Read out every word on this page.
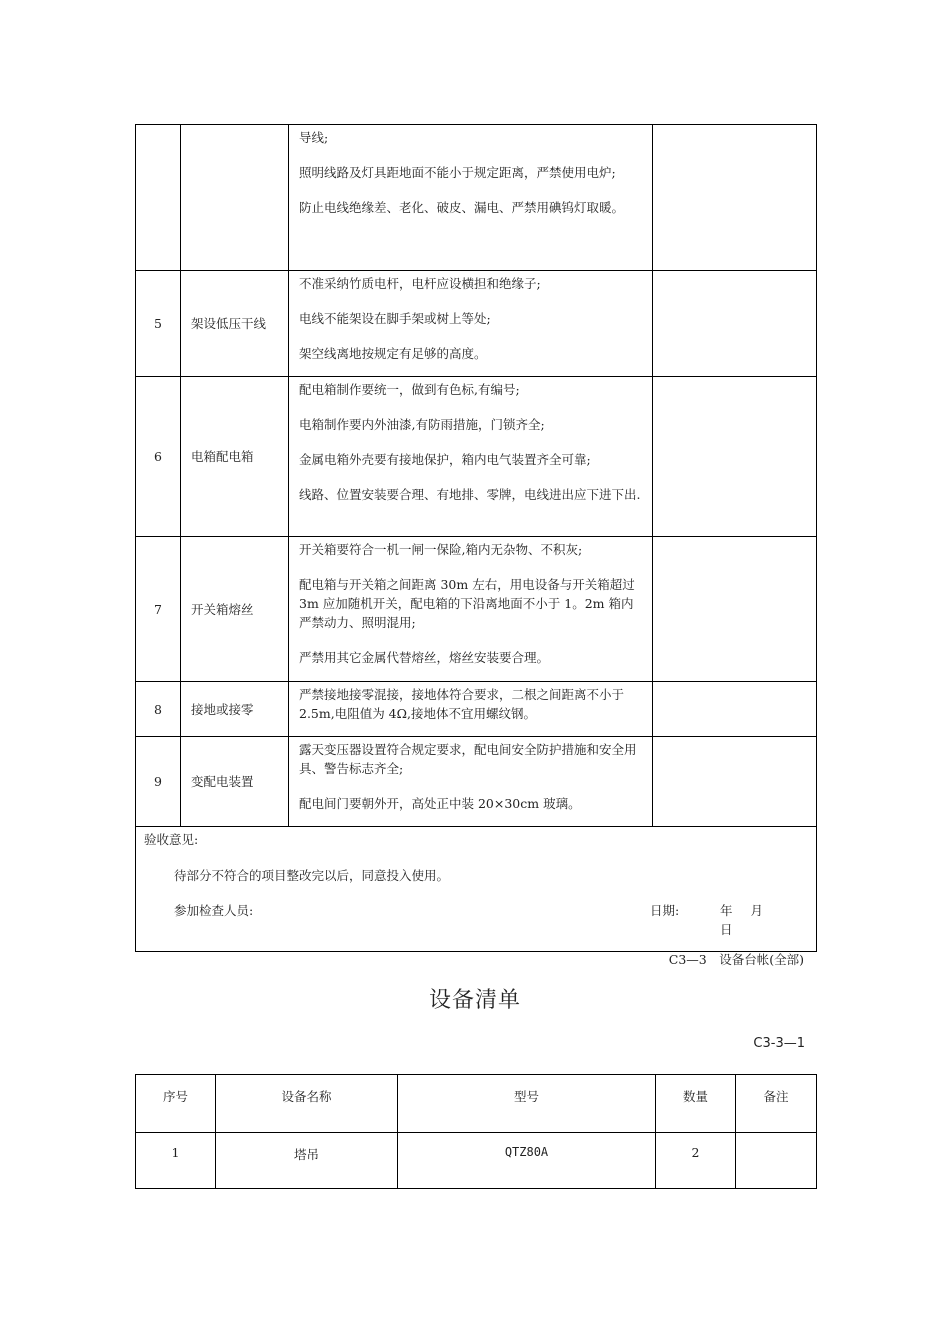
		导线;

照明线路及灯具距地面不能小于规定距离，严禁使用电炉;

防止电线绝缘差、老化、破皮、漏电、严禁用碘钨灯取暖。	

5	架设低压干线	不准采纳竹质电杆，电杆应设横担和绝缘子;

电线不能架设在脚手架或树上等处;

架空线离地按规定有足够的高度。	

6	电箱配电箱	配电箱制作要统一，做到有色标,有编号;

电箱制作要内外油漆,有防雨措施，门锁齐全;

金属电箱外壳要有接地保护，箱内电气装置齐全可靠;

线路、位置安装要合理、有地排、零牌，电线进出应下进下出.	

7	开关箱熔丝	开关箱要符合一机一闸一保险,箱内无杂物、不积灰;

配电箱与开关箱之间距离 30m 左右，用电设备与开关箱超过 3m 应加随机开关，配电箱的下沿离地面不小于 1。2m 箱内严禁动力、照明混用;

严禁用其它金属代替熔丝，熔丝安装要合理。	

8	接地或接零	严禁接地接零混接，接地体符合要求，二根之间距离不小于 2.5m,电阻值为 4Ω,接地体不宜用螺纹钢。	

9	变配电装置	露天变压器设置符合规定要求，配电间安全防护措施和安全用具、警告标志齐全;

配电间门要朝外开，高处正中装 20×30cm 玻璃。	

验收意见:

待部分不符合的项目整改完以后，同意投入使用。

参加检查人员: 日期: 年 月 日			
C3—3　设备台帐(全部)
设备清单
C3-3—1
序号	设备名称	型号	数量	备注
1	塔吊	QTZ80A	2	
